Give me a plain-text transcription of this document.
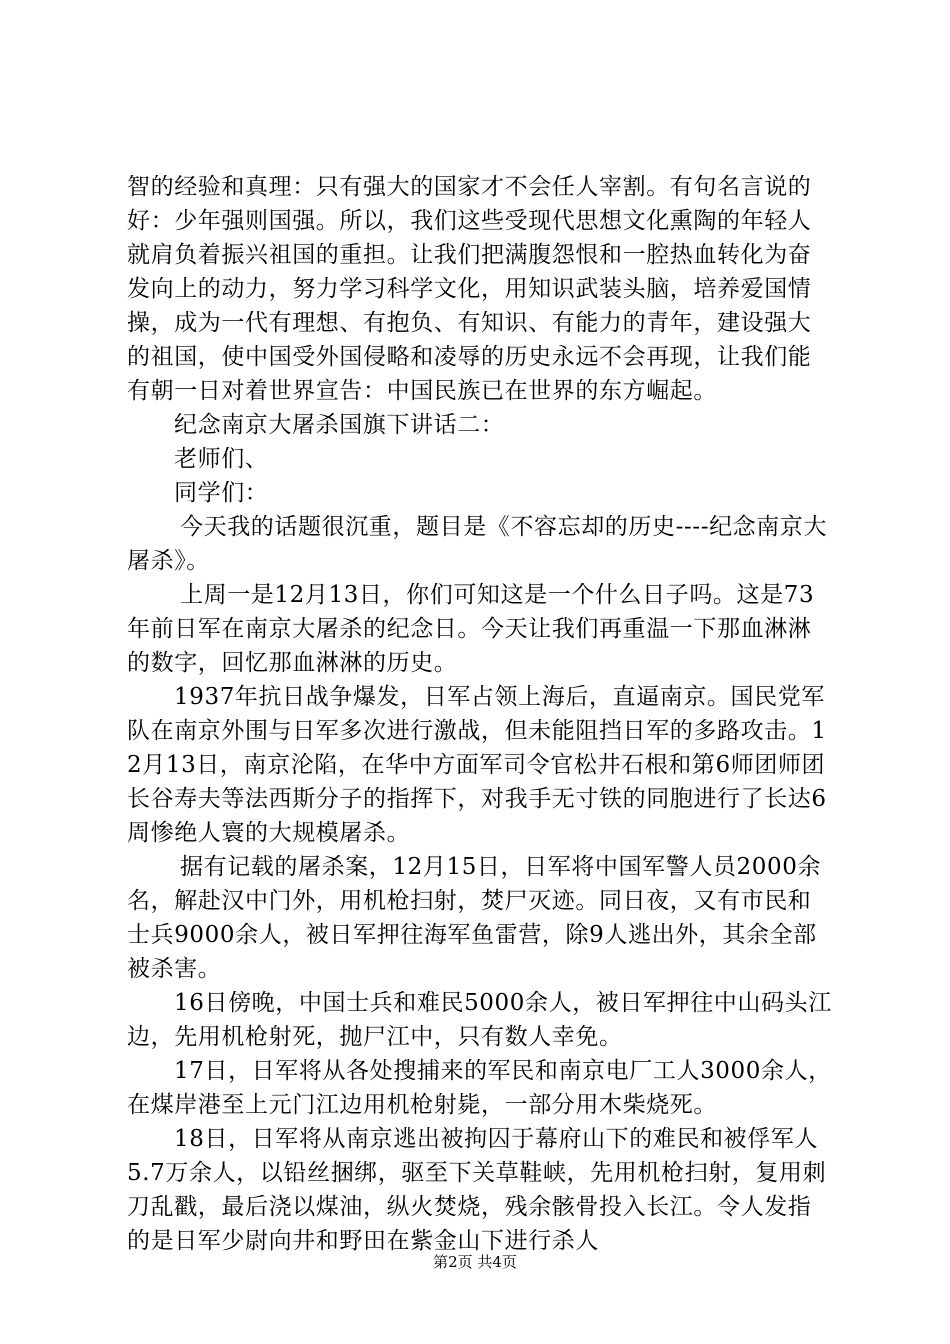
智的经验和真理：只有强大的国家才不会任人宰割。有句名言说的好：少年强则国强。所以，我们这些受现代思想文化熏陶的年轻人就肩负着振兴祖国的重担。让我们把满腹怨恨和一腔热血转化为奋发向上的动力，努力学习科学文化，用知识武装头脑，培养爱国情操，成为一代有理想、有抱负、有知识、有能力的青年，建设强大的祖国，使中国受外国侵略和凌辱的历史永远不会再现，让我们能有朝一日对着世界宣告：中国民族已在世界的东方崛起。

纪念南京大屠杀国旗下讲话二：

老师们、

同学们：

今天我的话题很沉重，题目是《不容忘却的历史----纪念南京大屠杀》。

上周一是12月13日，你们可知这是一个什么日子吗。这是73年前日军在南京大屠杀的纪念日。今天让我们再重温一下那血淋淋的数字，回忆那血淋淋的历史。

1937年抗日战争爆发，日军占领上海后，直逼南京。国民党军队在南京外围与日军多次进行激战，但未能阻挡日军的多路攻击。12月13日，南京沦陷，在华中方面军司令官松井石根和第6师团师团长谷寿夫等法西斯分子的指挥下，对我手无寸铁的同胞进行了长达6周惨绝人寰的大规模屠杀。

据有记载的屠杀案，12月15日，日军将中国军警人员2000余名，解赴汉中门外，用机枪扫射，焚尸灭迹。同日夜，又有市民和士兵9000余人，被日军押往海军鱼雷营，除9人逃出外，其余全部被杀害。

16日傍晚，中国士兵和难民5000余人，被日军押往中山码头江边，先用机枪射死，抛尸江中，只有数人幸免。

17日，日军将从各处搜捕来的军民和南京电厂工人3000余人，在煤岸港至上元门江边用机枪射毙，一部分用木柴烧死。

18日，日军将从南京逃出被拘囚于幕府山下的难民和被俘军人5.7万余人，以铅丝捆绑，驱至下关草鞋峡，先用机枪扫射，复用刺刀乱戳，最后浇以煤油，纵火焚烧，残余骸骨投入长江。令人发指的是日军少尉向井和野田在紫金山下进行杀人

第2页 共4页
